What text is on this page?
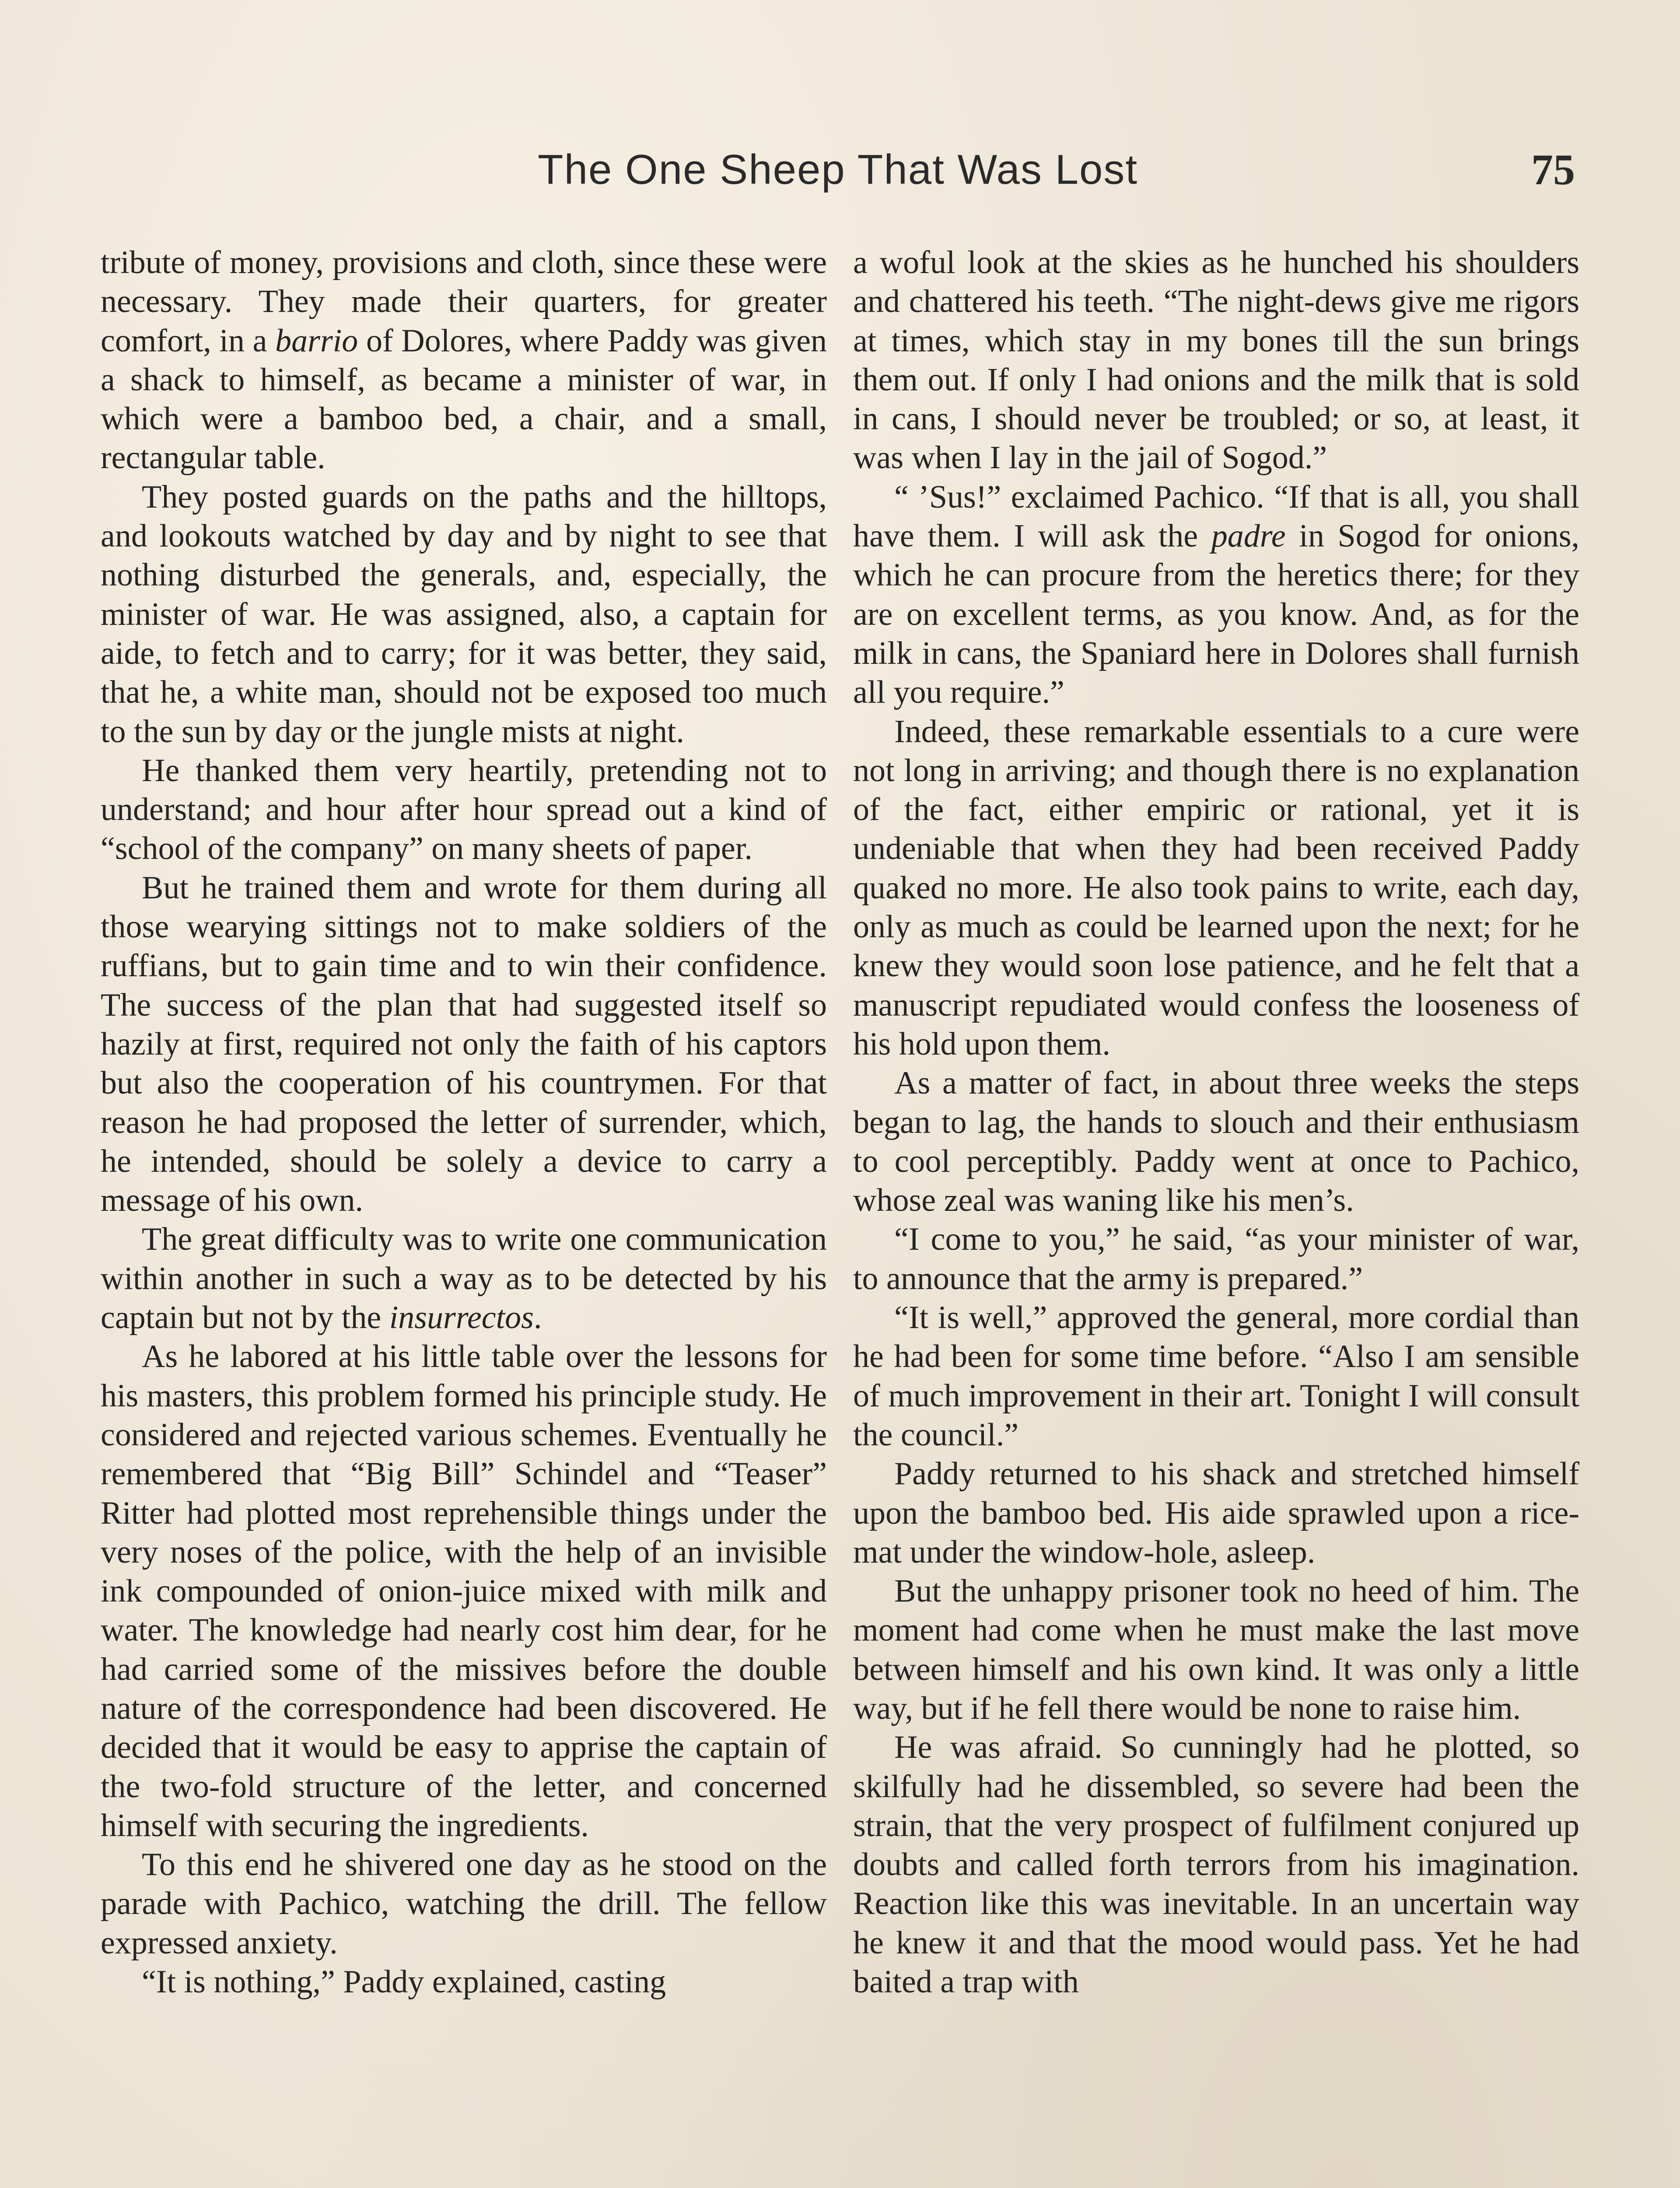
The One Sheep That Was Lost	75

tribute of money, provisions and cloth, since these were necessary. They made their quarters, for greater comfort, in a barrio of Dolores, where Paddy was given a shack to himself, as became a minister of war, in which were a bamboo bed, a chair, and a small, rectangular table.

They posted guards on the paths and the hilltops, and lookouts watched by day and by night to see that nothing disturbed the generals, and, especially, the minister of war. He was assigned, also, a captain for aide, to fetch and to carry; for it was better, they said, that he, a white man, should not be exposed too much to the sun by day or the jungle mists at night.

He thanked them very heartily, pretending not to understand; and hour after hour spread out a kind of “school of the company” on many sheets of paper.

But he trained them and wrote for them during all those wearying sittings not to make soldiers of the ruffians, but to gain time and to win their confidence. The success of the plan that had suggested itself so hazily at first, required not only the faith of his captors but also the cooperation of his countrymen. For that reason he had proposed the letter of surrender, which, he intended, should be solely a device to carry a message of his own.

The great difficulty was to write one communication within another in such a way as to be detected by his captain but not by the insurrectos.

As he labored at his little table over the lessons for his masters, this problem formed his principle study. He considered and rejected various schemes. Eventually he remembered that “Big Bill” Schindel and “Teaser” Ritter had plotted most reprehensible things under the very noses of the police, with the help of an invisible ink compounded of onion-juice mixed with milk and water. The knowledge had nearly cost him dear, for he had carried some of the missives before the double nature of the correspondence had been discovered. He decided that it would be easy to apprise the captain of the two-fold structure of the letter, and concerned himself with securing the ingredients.

To this end he shivered one day as he stood on the parade with Pachico, watching the drill. The fellow expressed anxiety.

“It is nothing,” Paddy explained, casting

a woful look at the skies as he hunched his shoulders and chattered his teeth. “The night-dews give me rigors at times, which stay in my bones till the sun brings them out. If only I had onions and the milk that is sold in cans, I should never be troubled; or so, at least, it was when I lay in the jail of Sogod.”

“ ’Sus!” exclaimed Pachico. “If that is all, you shall have them. I will ask the padre in Sogod for onions, which he can procure from the heretics there; for they are on excellent terms, as you know. And, as for the milk in cans, the Spaniard here in Dolores shall furnish all you require.”

Indeed, these remarkable essentials to a cure were not long in arriving; and though there is no explanation of the fact, either empiric or rational, yet it is undeniable that when they had been received Paddy quaked no more. He also took pains to write, each day, only as much as could be learned upon the next; for he knew they would soon lose patience, and he felt that a manuscript repudiated would confess the looseness of his hold upon them.

As a matter of fact, in about three weeks the steps began to lag, the hands to slouch and their enthusiasm to cool perceptibly. Paddy went at once to Pachico, whose zeal was waning like his men’s.

“I come to you,” he said, “as your minister of war, to announce that the army is prepared.”

“It is well,” approved the general, more cordial than he had been for some time before. “Also I am sensible of much improvement in their art. Tonight I will consult the council.”

Paddy returned to his shack and stretched himself upon the bamboo bed. His aide sprawled upon a rice-mat under the window-hole, asleep.

But the unhappy prisoner took no heed of him. The moment had come when he must make the last move between himself and his own kind. It was only a little way, but if he fell there would be none to raise him.

He was afraid. So cunningly had he plotted, so skilfully had he dissembled, so severe had been the strain, that the very prospect of fulfilment conjured up doubts and called forth terrors from his imagination. Reaction like this was inevitable. In an uncertain way he knew it and that the mood would pass. Yet he had baited a trap with
